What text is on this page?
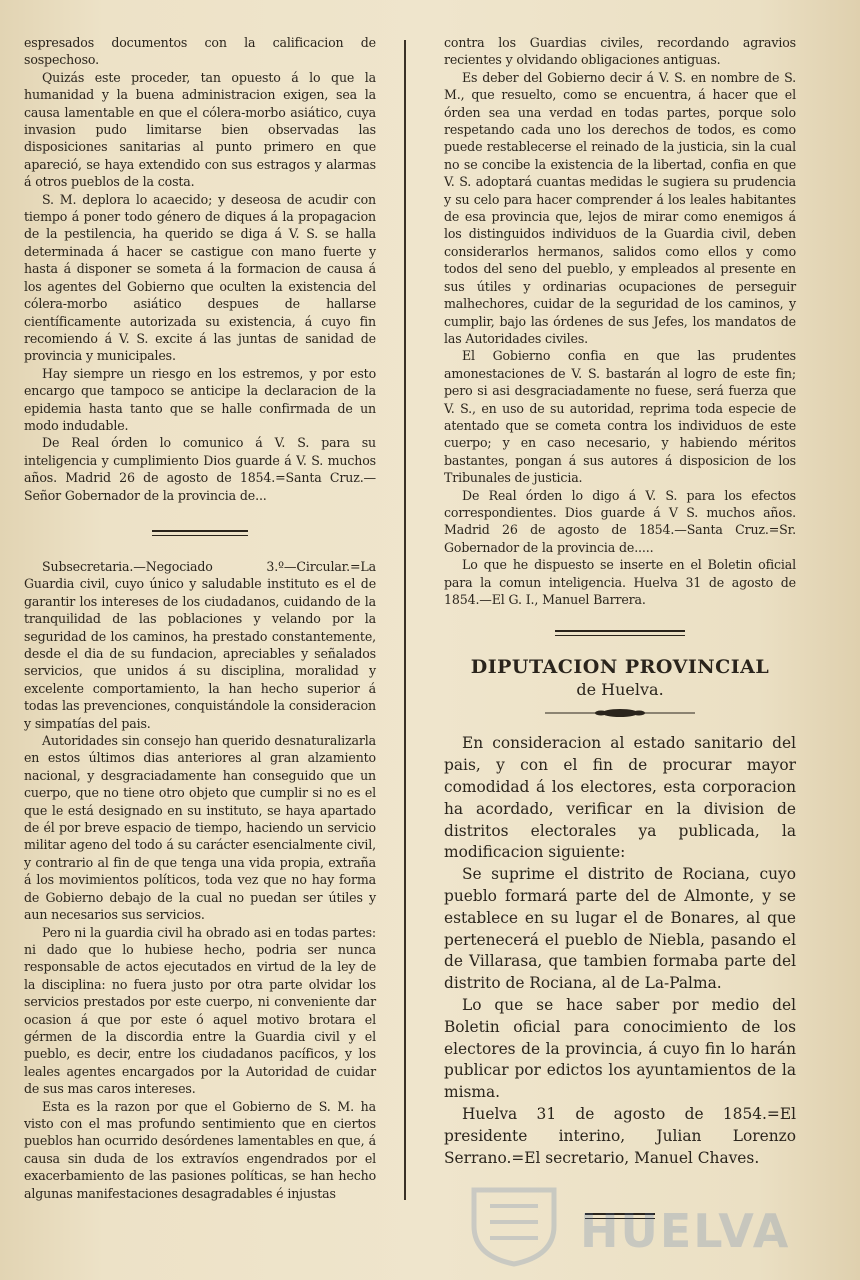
espresados documentos con la calificacion de sospechoso.

Quizás este proceder, tan opuesto á lo que la humanidad y la buena administracion exigen, sea la causa lamentable en que el cólera-morbo asiático, cuya invasion pudo limitarse bien observadas las disposiciones sanitarias al punto primero en que apareció, se haya extendido con sus estragos y alarmas á otros pueblos de la costa.

S. M. deplora lo acaecido; y deseosa de acudir con tiempo á poner todo género de diques á la propagacion de la pestilencia, ha querido se diga á V. S. se halla determinada á hacer se castigue con mano fuerte y hasta á disponer se someta á la formacion de causa á los agentes del Gobierno que oculten la existencia del cólera-morbo asiático despues de hallarse científicamente autorizada su existencia, á cuyo fin recomiendo á V. S. excite á las juntas de sanidad de provincia y municipales.

Hay siempre un riesgo en los estremos, y por esto encargo que tampoco se anticipe la declaracion de la epidemia hasta tanto que se halle confirmada de un modo indudable.

De Real órden lo comunico á V. S. para su inteligencia y cumplimiento Dios guarde á V. S. muchos años. Madrid 26 de agosto de 1854.=Santa Cruz.—Señor Gobernador de la provincia de...

Subsecretaria.—Negociado 3.º—Circular.=La Guardia civil, cuyo único y saludable instituto es el de garantir los intereses de los ciudadanos, cuidando de la tranquilidad de las poblaciones y velando por la seguridad de los caminos, ha prestado constantemente, desde el dia de su fundacion, apreciables y señalados servicios, que unidos á su disciplina, moralidad y excelente comportamiento, la han hecho superior á todas las prevenciones, conquistándole la consideracion y simpatías del pais.

Autoridades sin consejo han querido desnaturalizarla en estos últimos dias anteriores al gran alzamiento nacional, y desgraciadamente han conseguido que un cuerpo, que no tiene otro objeto que cumplir si no es el que le está designado en su instituto, se haya apartado de él por breve espacio de tiempo, haciendo un servicio militar ageno del todo á su carácter esencialmente civil, y contrario al fin de que tenga una vida propia, extraña á los movimientos políticos, toda vez que no hay forma de Gobierno debajo de la cual no puedan ser útiles y aun necesarios sus servicios.

Pero ni la guardia civil ha obrado asi en todas partes: ni dado que lo hubiese hecho, podria ser nunca responsable de actos ejecutados en virtud de la ley de la disciplina: no fuera justo por otra parte olvidar los servicios prestados por este cuerpo, ni conveniente dar ocasion á que por este ó aquel motivo brotara el gérmen de la discordia entre la Guardia civil y el pueblo, es decir, entre los ciudadanos pacíficos, y los leales agentes encargados por la Autoridad de cuidar de sus mas caros intereses.

Esta es la razon por que el Gobierno de S. M. ha visto con el mas profundo sentimiento que en ciertos pueblos han ocurrido desórdenes lamentables en que, á causa sin duda de los extravíos engendrados por el exacerbamiento de las pasiones políticas, se han hecho algunas manifestaciones desagradables é injustas

contra los Guardias civiles, recordando agravios recientes y olvidando obligaciones antiguas.

Es deber del Gobierno decir á V. S. en nombre de S. M., que resuelto, como se encuentra, á hacer que el órden sea una verdad en todas partes, porque solo respetando cada uno los derechos de todos, es como puede restablecerse el reinado de la justicia, sin la cual no se concibe la existencia de la libertad, confia en que V. S. adoptará cuantas medidas le sugiera su prudencia y su celo para hacer comprender á los leales habitantes de esa provincia que, lejos de mirar como enemigos á los distinguidos individuos de la Guardia civil, deben considerarlos hermanos, salidos como ellos y como todos del seno del pueblo, y empleados al presente en sus útiles y ordinarias ocupaciones de perseguir malhechores, cuidar de la seguridad de los caminos, y cumplir, bajo las órdenes de sus Jefes, los mandatos de las Autoridades civiles.

El Gobierno confia en que las prudentes amonestaciones de V. S. bastarán al logro de este fin; pero si asi desgraciadamente no fuese, será fuerza que V. S., en uso de su autoridad, reprima toda especie de atentado que se cometa contra los individuos de este cuerpo; y en caso necesario, y habiendo méritos bastantes, pongan á sus autores á disposicion de los Tribunales de justicia.

De Real órden lo digo á V. S. para los efectos correspondientes. Dios guarde á V S. muchos años. Madrid 26 de agosto de 1854.—Santa Cruz.=Sr. Gobernador de la provincia de.....

Lo que he dispuesto se inserte en el Boletin oficial para la comun inteligencia. Huelva 31 de agosto de 1854.—El G. I., Manuel Barrera.

DIPUTACION PROVINCIAL
de Huelva.

En consideracion al estado sanitario del pais, y con el fin de procurar mayor comodidad á los electores, esta corporacion ha acordado, verificar en la division de distritos electorales ya publicada, la modificacion siguiente:

Se suprime el distrito de Rociana, cuyo pueblo formará parte del de Almonte, y se establece en su lugar el de Bonares, al que pertenecerá el pueblo de Niebla, pasando el de Villarasa, que tambien formaba parte del distrito de Rociana, al de La-Palma.

Lo que se hace saber por medio del Boletin oficial para conocimiento de los electores de la provincia, á cuyo fin lo harán publicar por edictos los ayuntamientos de la misma.

Huelva 31 de agosto de 1854.=El presidente interino, Julian Lorenzo Serrano.=El secretario, Manuel Chaves.

HUELVA
